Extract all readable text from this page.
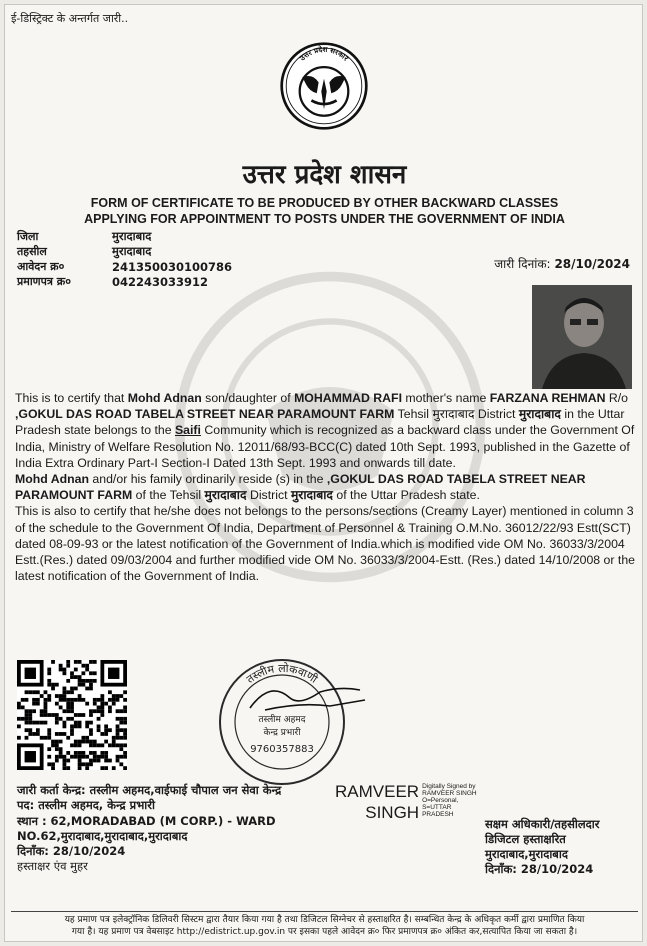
ई-डिस्ट्रिक्ट के अन्तर्गत जारी..
उत्तर प्रदेश सरकार
उत्तर प्रदेश शासन
FORM OF CERTIFICATE TO BE PRODUCED BY OTHER BACKWARD CLASSES
APPLYING FOR APPOINTMENT TO POSTS UNDER THE GOVERNMENT OF INDIA
जिला	मुरादाबाद
तहसील	मुरादाबाद
आवेदन क्र०	241350030100786
प्रमाणपत्र क्र०	042243033912
जारी दिनांक: 28/10/2024

This is to certify that Mohd Adnan son/daughter of MOHAMMAD RAFI mother's name FARZANA REHMAN R/o ,GOKUL DAS ROAD TABELA STREET NEAR PARAMOUNT FARM Tehsil मुरादाबाद District मुरादाबाद in the Uttar Pradesh state belongs to the Saifi Community which is recognized as a backward class under the Government Of India, Ministry of Welfare Resolution No. 12011/68/93-BCC(C) dated 10th Sept. 1993, published in the Gazette of India Extra Ordinary Part-I Section-I Dated 13th Sept. 1993 and onwards till date.

Mohd Adnan and/or his family ordinarily reside (s) in the ,GOKUL DAS ROAD TABELA STREET NEAR PARAMOUNT FARM of the Tehsil मुरादाबाद District मुरादाबाद of the Uttar Pradesh state.

This is also to certify that he/she does not belongs to the persons/sections (Creamy Layer) mentioned in column 3 of the schedule to the Government Of India, Department of Personnel & Training O.M.No. 36012/22/93 Estt(SCT) dated 08-09-93 or the latest notification of the Government of India.which is modified vide OM No. 36033/3/2004 Estt.(Res.) dated 09/03/2004 and further modified vide OM No. 36033/3/2004-Estt. (Res.) dated 14/10/2008 or the latest notification of the Government of India.

तस्लीम लोकवाणी
तस्लीम अहमद
केन्द्र प्रभारी
9760357883
जारी कर्ता केन्द्र: तस्लीम अहमद,वाईफाई चौपाल जन सेवा केन्द्र
पद: तस्लीम अहमद, केन्द्र प्रभारी
स्थान : 62,MORADABAD (M CORP.) - WARD
NO.62,मुरादाबाद,मुरादाबाद,मुरादाबाद
दिनाँक: 28/10/2024
हस्ताक्षर एंव मुहर
RAMVEER
SINGH
Digitally Signed by
RAMVEER SINGH
O=Personal,
S=UTTAR
PRADESH
सक्षम अधिकारी/तहसीलदार
डिजिटल हस्ताक्षरित
मुरादाबाद,मुरादाबाद
दिनाँक: 28/10/2024
यह प्रमाण पत्र इलेक्ट्रॉनिक डिलिवरी सिस्टम द्वारा तैयार किया गया है तथा डिजिटल सिग्नेचर से हस्ताक्षरित है। सम्बन्धित केन्द्र के अधिकृत कर्मी द्वारा प्रमाणित किया
गया है। यह प्रमाण पत्र वेबसाइट http://edistrict.up.gov.in पर इसका पहले आवेदन क्र० फिर प्रमाणपत्र क्र० अंकित कर,सत्यापित किया जा सकता है।
